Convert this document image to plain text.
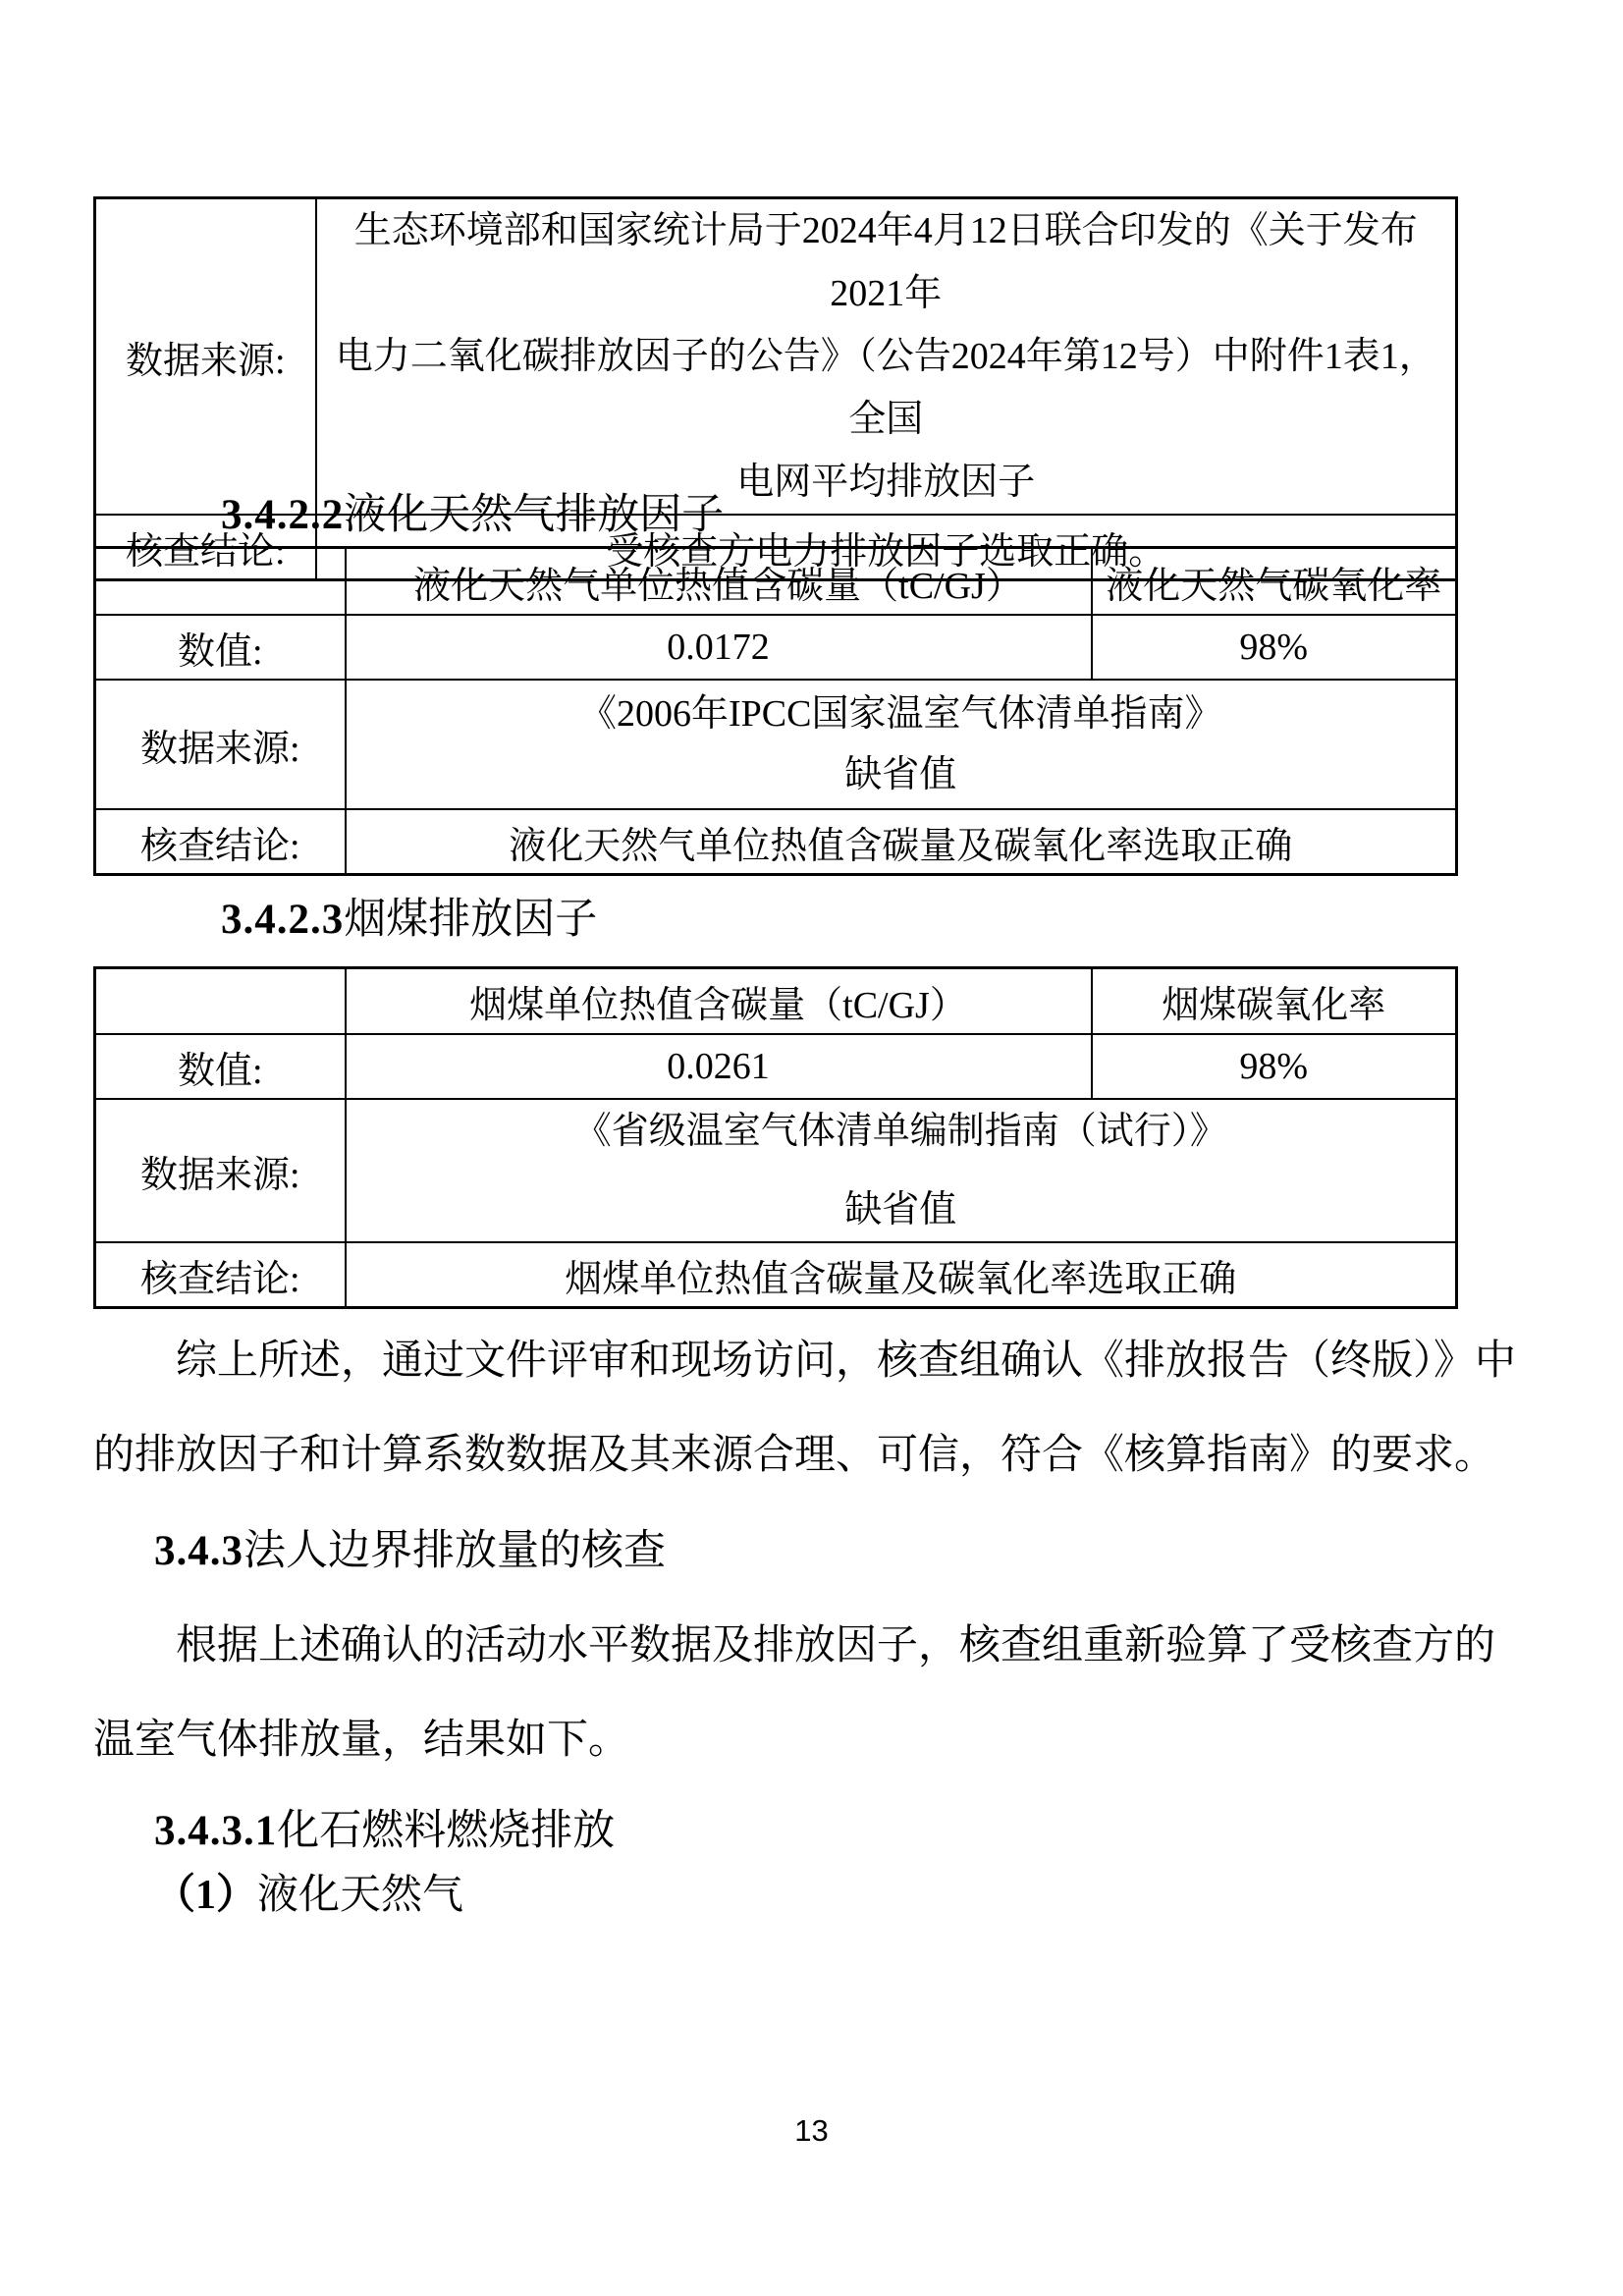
数据来源:	生态环境部和国家统计局于2024年4月12日联合印发的《关于发布 2021年
电力二氧化碳排放因子的公告》（公告2024年第12号）中附件1表1，全国
电网平均排放因子

核查结论:	受核查方电力排放因子选取正确。
3.4.2.2液化天然气排放因子
	液化天然气单位热值含碳量（tC/GJ）	液化天然气碳氧化率
数值:	0.0172	98%
数据来源:	《2006年IPCC国家温室气体清单指南》
缺省值	

核查结论:	液化天然气单位热值含碳量及碳氧化率选取正确	
3.4.2.3烟煤排放因子
	烟煤单位热值含碳量（tC/GJ）	烟煤碳氧化率
数值:	0.0261	98%
数据来源:	《省级温室气体清单编制指南（试行）》
缺省值	

核查结论:	烟煤单位热值含碳量及碳氧化率选取正确	
综上所述，通过文件评审和现场访问，核查组确认《排放报告（终版）》中
的排放因子和计算系数数据及其来源合理、可信，符合《核算指南》的要求。
3.4.3法人边界排放量的核查
根据上述确认的活动水平数据及排放因子，核查组重新验算了受核查方的
温室气体排放量，结果如下。
3.4.3.1化石燃料燃烧排放
（1）液化天然气
13
